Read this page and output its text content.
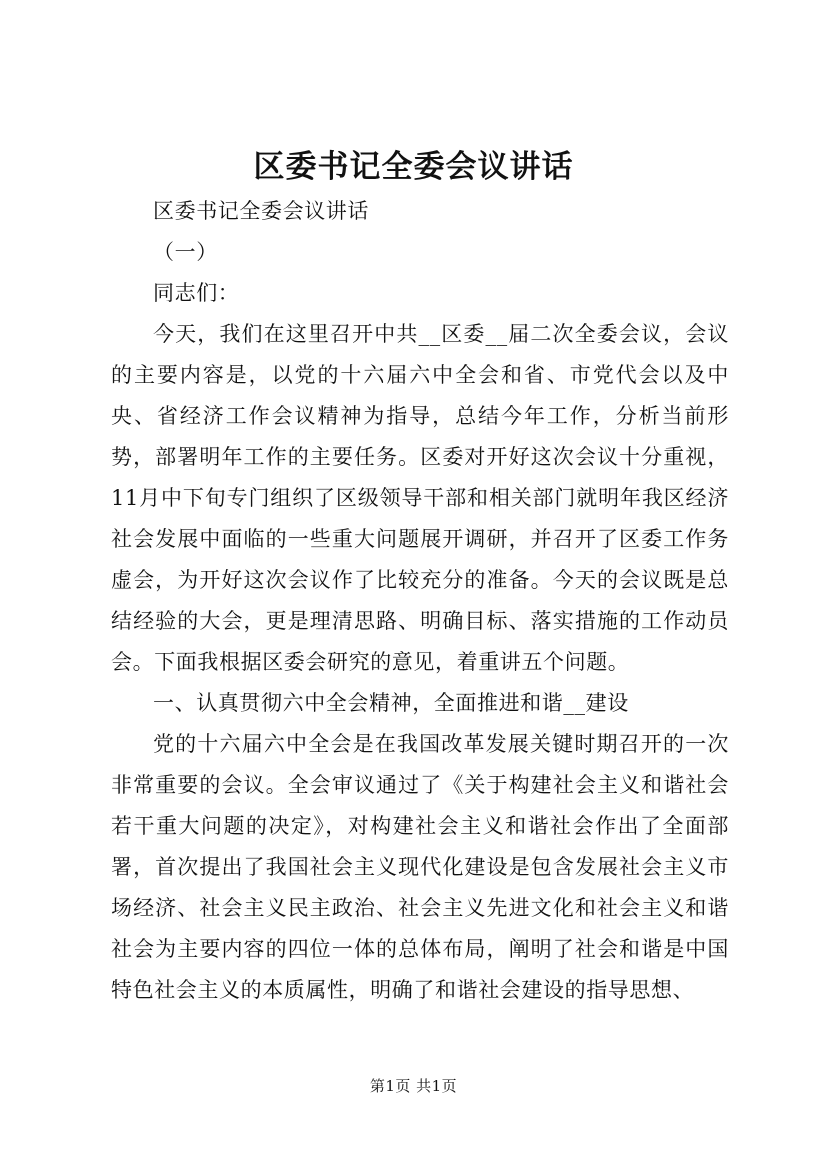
区委书记全委会议讲话

区委书记全委会议讲话

（一）

同志们：

今天，我们在这里召开中共__区委__届二次全委会议，会议的主要内容是，以党的十六届六中全会和省、市党代会以及中央、省经济工作会议精神为指导，总结今年工作，分析当前形势，部署明年工作的主要任务。区委对开好这次会议十分重视，11月中下旬专门组织了区级领导干部和相关部门就明年我区经济社会发展中面临的一些重大问题展开调研，并召开了区委工作务虚会，为开好这次会议作了比较充分的准备。今天的会议既是总结经验的大会，更是理清思路、明确目标、落实措施的工作动员会。下面我根据区委会研究的意见，着重讲五个问题。

一、认真贯彻六中全会精神，全面推进和谐__建设

党的十六届六中全会是在我国改革发展关键时期召开的一次非常重要的会议。全会审议通过了《关于构建社会主义和谐社会若干重大问题的决定》，对构建社会主义和谐社会作出了全面部署，首次提出了我国社会主义现代化建设是包含发展社会主义市场经济、社会主义民主政治、社会主义先进文化和社会主义和谐社会为主要内容的四位一体的总体布局，阐明了社会和谐是中国特色社会主义的本质属性，明确了和谐社会建设的指导思想、

第1页 共1页
